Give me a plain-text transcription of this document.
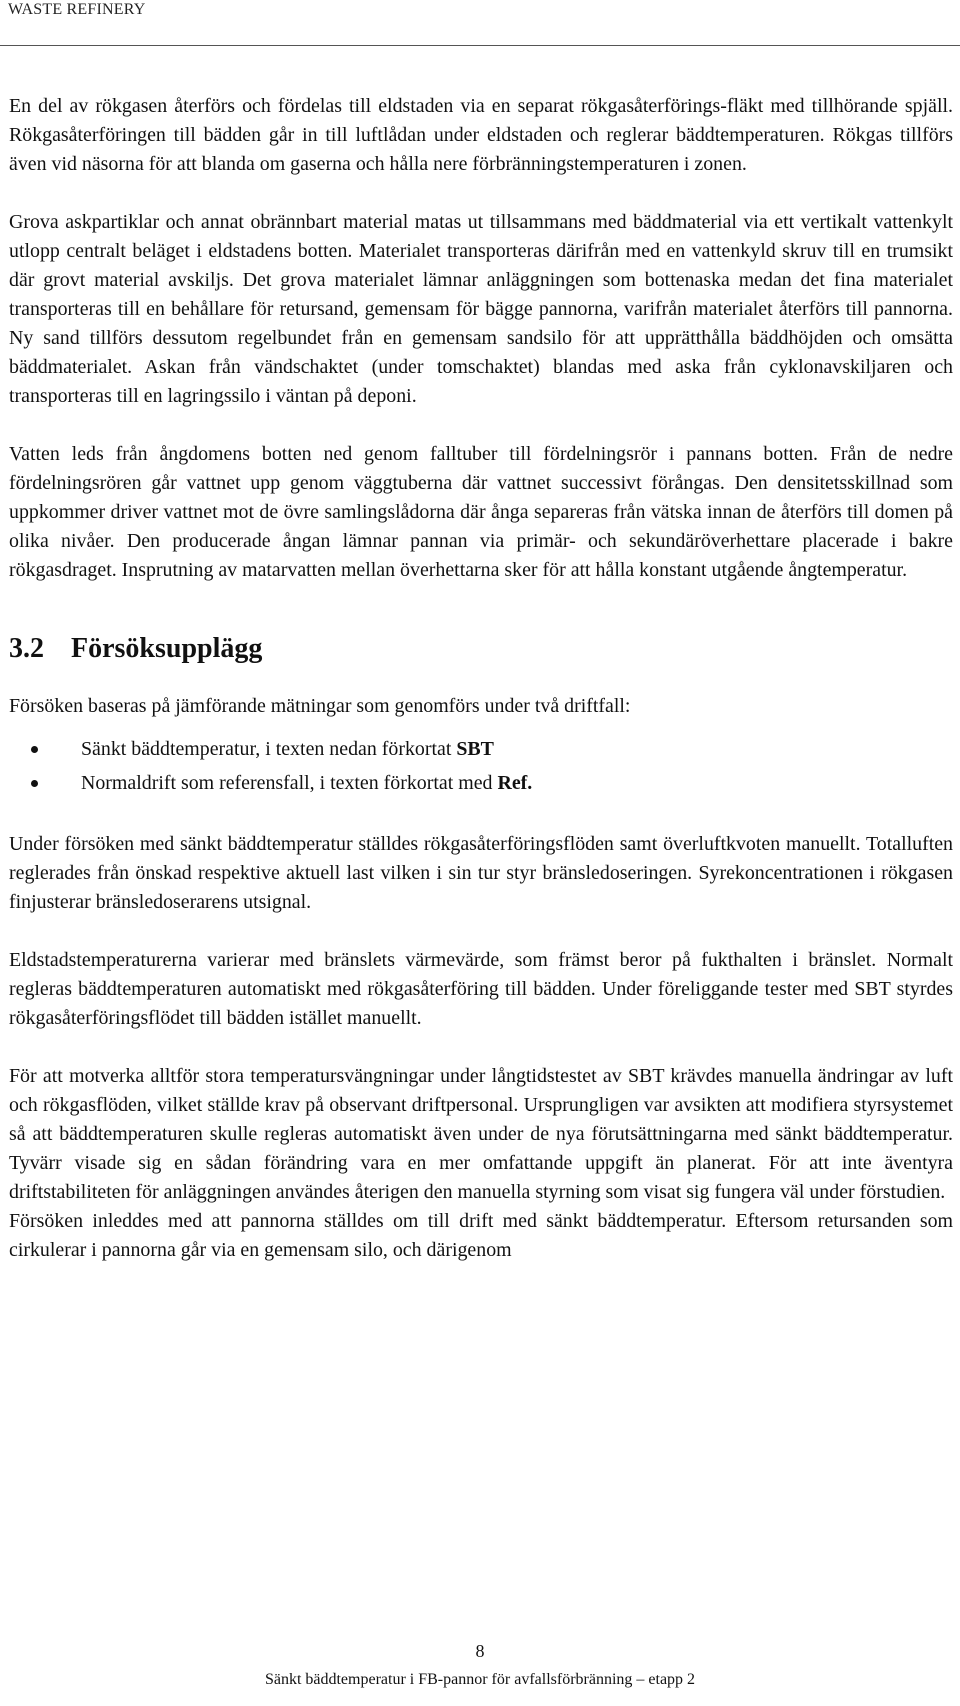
WASTE REFINERY

En del av rökgasen återförs och fördelas till eldstaden via en separat rökgasåterförings-fläkt med tillhörande spjäll. Rökgasåterföringen till bädden går in till luftlådan under eldstaden och reglerar bäddtemperaturen. Rökgas tillförs även vid näsorna för att blanda om gaserna och hålla nere förbränningstemperaturen i zonen.

Grova askpartiklar och annat obrännbart material matas ut tillsammans med bäddmaterial via ett vertikalt vattenkylt utlopp centralt beläget i eldstadens botten. Materialet transporteras därifrån med en vattenkyld skruv till en trumsikt där grovt material avskiljs. Det grova materialet lämnar anläggningen som bottenaska medan det fina materialet transporteras till en behållare för retursand, gemensam för bägge pannorna, varifrån materialet återförs till pannorna. Ny sand tillförs dessutom regelbundet från en gemensam sandsilo för att upprätthålla bäddhöjden och omsätta bäddmaterialet. Askan från vändschaktet (under tomschaktet) blandas med aska från cyklonavskiljaren och transporteras till en lagringssilo i väntan på deponi.

Vatten leds från ångdomens botten ned genom falltuber till fördelningsrör i pannans botten. Från de nedre fördelningsrören går vattnet upp genom väggtuberna där vattnet successivt förångas. Den densitetsskillnad som uppkommer driver vattnet mot de övre samlingslådorna där ånga separeras från vätska innan de återförs till domen på olika nivåer. Den producerade ångan lämnar pannan via primär- och sekundäröverhettare placerade i bakre rökgasdraget. Insprutning av matarvatten mellan överhettarna sker för att hålla konstant utgående ångtemperatur.

3.2 Försöksupplägg

Försöken baseras på jämförande mätningar som genomförs under två driftfall:

Sänkt bäddtemperatur, i texten nedan förkortat SBT
Normaldrift som referensfall, i texten förkortat med Ref.

Under försöken med sänkt bäddtemperatur ställdes rökgasåterföringsflöden samt överluftkvoten manuellt. Totalluften reglerades från önskad respektive aktuell last vilken i sin tur styr bränsledoseringen. Syrekoncentrationen i rökgasen finjusterar bränsledoserarens utsignal.

Eldstadstemperaturerna varierar med bränslets värmevärde, som främst beror på fukthalten i bränslet. Normalt regleras bäddtemperaturen automatiskt med rökgasåterföring till bädden. Under föreliggande tester med SBT styrdes rökgasåterföringsflödet till bädden istället manuellt.

För att motverka alltför stora temperatursvängningar under långtidstestet av SBT krävdes manuella ändringar av luft och rökgasflöden, vilket ställde krav på observant driftpersonal. Ursprungligen var avsikten att modifiera styrsystemet så att bäddtemperaturen skulle regleras automatiskt även under de nya förutsättningarna med sänkt bäddtemperatur. Tyvärr visade sig en sådan förändring vara en mer omfattande uppgift än planerat. För att inte äventyra driftstabiliteten för anläggningen användes återigen den manuella styrning som visat sig fungera väl under förstudien.

Försöken inleddes med att pannorna ställdes om till drift med sänkt bäddtemperatur. Eftersom retursanden som cirkulerar i pannorna går via en gemensam silo, och därigenom

8
Sänkt bäddtemperatur i FB-pannor för avfallsförbränning – etapp 2
